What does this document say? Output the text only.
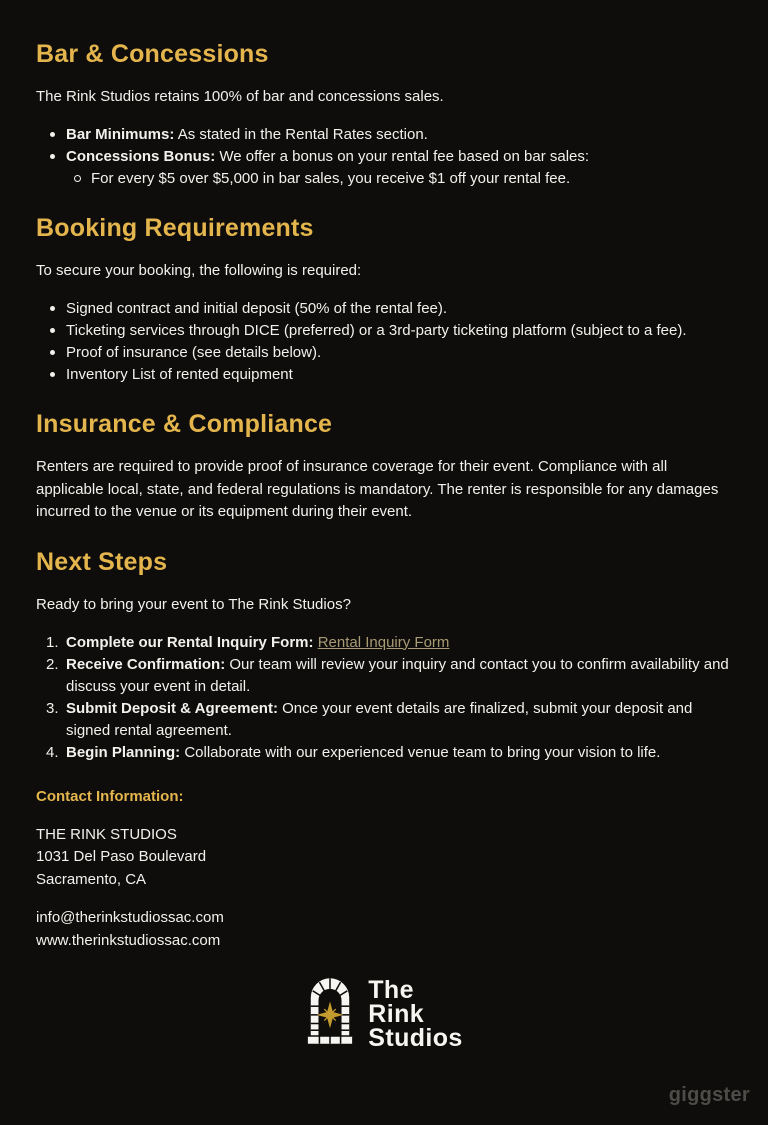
Bar & Concessions

The Rink Studios retains 100% of bar and concessions sales.

Bar Minimums: As stated in the Rental Rates section.
Concessions Bonus: We offer a bonus on your rental fee based on bar sales:
For every $5 over $5,000 in bar sales, you receive $1 off your rental fee.
Booking Requirements

To secure your booking, the following is required:

Signed contract and initial deposit (50% of the rental fee).
Ticketing services through DICE (preferred) or a 3rd-party ticketing platform (subject to a fee).
Proof of insurance (see details below).
Inventory List of rented equipment
Insurance & Compliance

Renters are required to provide proof of insurance coverage for their event. Compliance with all applicable local, state, and federal regulations is mandatory. The renter is responsible for any damages incurred to the venue or its equipment during their event.

Next Steps

Ready to bring your event to The Rink Studios?

1. Complete our Rental Inquiry Form: Rental Inquiry Form
2. Receive Confirmation: Our team will review your inquiry and contact you to confirm availability and discuss your event in detail.
3. Submit Deposit & Agreement: Once your event details are finalized, submit your deposit and signed rental agreement.
4. Begin Planning: Collaborate with our experienced venue team to bring your vision to life.

Contact Information:

THE RINK STUDIOS
1031 Del Paso Boulevard
Sacramento, CA
info@therinkstudiossac.com
www.therinkstudiossac.com
The
Rink
Studios
giggster
